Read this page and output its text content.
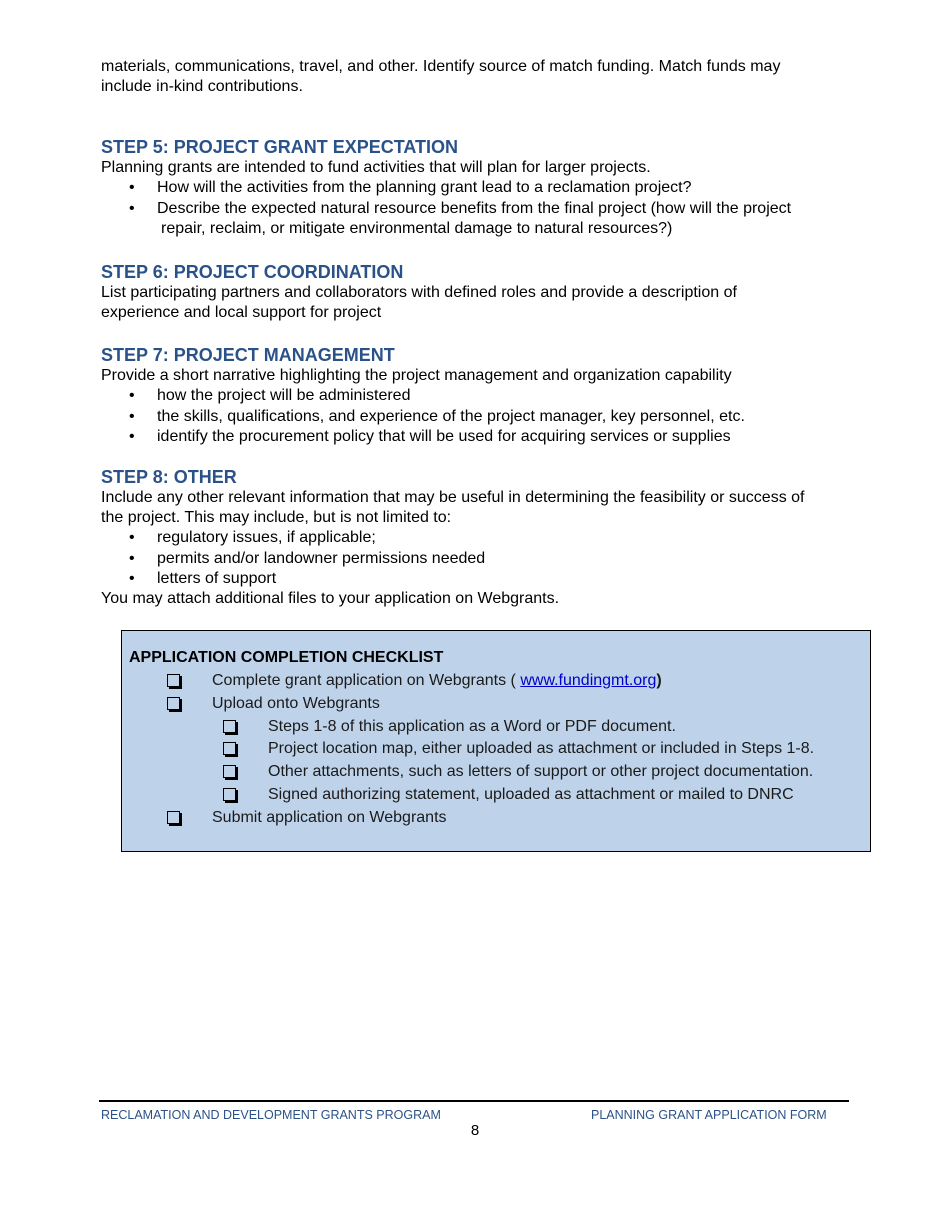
materials, communications, travel, and other. Identify source of match funding. Match funds may

include in-kind contributions.

STEP 5: PROJECT GRANT EXPECTATION

Planning grants are intended to fund activities that will plan for larger projects.

• How will the activities from the planning grant lead to a reclamation project?
• Describe the expected natural resource benefits from the final project (how will the project
repair, reclaim, or mitigate environmental damage to natural resources?)
STEP 6: PROJECT COORDINATION

List participating partners and collaborators with defined roles and provide a description of

experience and local support for project

STEP 7: PROJECT MANAGEMENT

Provide a short narrative highlighting the project management and organization capability

• how the project will be administered
• the skills, qualifications, and experience of the project manager, key personnel, etc.
• identify the procurement policy that will be used for acquiring services or supplies
STEP 8: OTHER

Include any other relevant information that may be useful in determining the feasibility or success of

the project. This may include, but is not limited to:

• regulatory issues, if applicable;
• permits and/or landowner permissions needed
• letters of support

You may attach additional files to your application on Webgrants.

APPLICATION COMPLETION CHECKLIST
Complete grant application on Webgrants ( www.fundingmt.org)
Upload onto Webgrants
Steps 1-8 of this application as a Word or PDF document.
Project location map, either uploaded as attachment or included in Steps 1-8.
Other attachments, such as letters of support or other project documentation.
Signed authorizing statement, uploaded as attachment or mailed to DNRC
Submit application on Webgrants
RECLAMATION AND DEVELOPMENT GRANTS PROGRAM	PLANNING GRANT APPLICATION FORM
8
